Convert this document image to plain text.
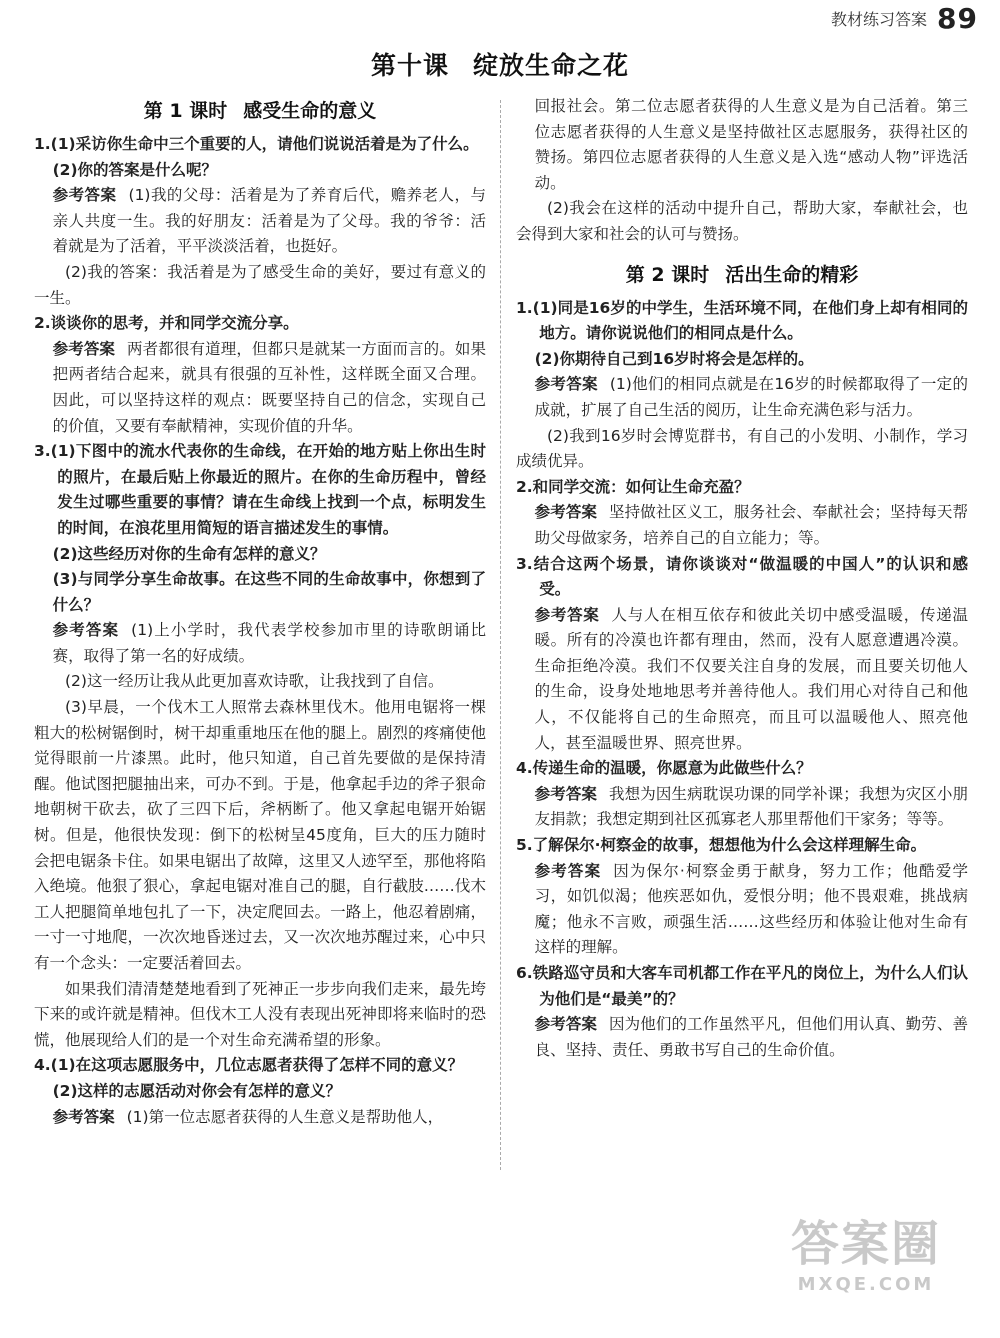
教材练习答案 89
第十课 绽放生命之花
第 1 课时 感受生命的意义

1.(1)采访你生命中三个重要的人，请他们说说活着是为了什么。

(2)你的答案是什么呢？

参考答案 (1)我的父母：活着是为了养育后代，赡养老人，与亲人共度一生。我的好朋友：活着是为了父母。我的爷爷：活着就是为了活着，平平淡淡活着，也挺好。

(2)我的答案：我活着是为了感受生命的美好，要过有意义的一生。

2.谈谈你的思考，并和同学交流分享。

参考答案 两者都很有道理，但都只是就某一方面而言的。如果把两者结合起来，就具有很强的互补性，这样既全面又合理。因此，可以坚持这样的观点：既要坚持自己的信念，实现自己的价值，又要有奉献精神，实现价值的升华。

3.(1)下图中的流水代表你的生命线，在开始的地方贴上你出生时的照片，在最后贴上你最近的照片。在你的生命历程中，曾经发生过哪些重要的事情？请在生命线上找到一个点，标明发生的时间，在浪花里用简短的语言描述发生的事情。

(2)这些经历对你的生命有怎样的意义？

(3)与同学分享生命故事。在这些不同的生命故事中，你想到了什么？

参考答案 (1)上小学时，我代表学校参加市里的诗歌朗诵比赛，取得了第一名的好成绩。

(2)这一经历让我从此更加喜欢诗歌，让我找到了自信。

(3)早晨，一个伐木工人照常去森林里伐木。他用电锯将一棵粗大的松树锯倒时，树干却重重地压在他的腿上。剧烈的疼痛使他觉得眼前一片漆黑。此时，他只知道，自己首先要做的是保持清醒。他试图把腿抽出来，可办不到。于是，他拿起手边的斧子狠命地朝树干砍去，砍了三四下后，斧柄断了。他又拿起电锯开始锯树。但是，他很快发现：倒下的松树呈45度角，巨大的压力随时会把电锯条卡住。如果电锯出了故障，这里又人迹罕至，那他将陷入绝境。他狠了狠心，拿起电锯对准自己的腿，自行截肢……伐木工人把腿简单地包扎了一下，决定爬回去。一路上，他忍着剧痛，一寸一寸地爬，一次次地昏迷过去，又一次次地苏醒过来，心中只有一个念头：一定要活着回去。

如果我们清清楚楚地看到了死神正一步步向我们走来，最先垮下来的或许就是精神。但伐木工人没有表现出死神即将来临时的恐慌，他展现给人们的是一个对生命充满希望的形象。

4.(1)在这项志愿服务中，几位志愿者获得了怎样不同的意义？

(2)这样的志愿活动对你会有怎样的意义？

参考答案 (1)第一位志愿者获得的人生意义是帮助他人，

回报社会。第二位志愿者获得的人生意义是为自己活着。第三位志愿者获得的人生意义是坚持做社区志愿服务，获得社区的赞扬。第四位志愿者获得的人生意义是入选“感动人物”评选活动。

(2)我会在这样的活动中提升自己，帮助大家，奉献社会，也会得到大家和社会的认可与赞扬。

第 2 课时 活出生命的精彩

1.(1)同是16岁的中学生，生活环境不同，在他们身上却有相同的地方。请你说说他们的相同点是什么。

(2)你期待自己到16岁时将会是怎样的。

参考答案 (1)他们的相同点就是在16岁的时候都取得了一定的成就，扩展了自己生活的阅历，让生命充满色彩与活力。

(2)我到16岁时会博览群书，有自己的小发明、小制作，学习成绩优异。

2.和同学交流：如何让生命充盈？

参考答案 坚持做社区义工，服务社会、奉献社会；坚持每天帮助父母做家务，培养自己的自立能力；等。

3.结合这两个场景，请你谈谈对“做温暖的中国人”的认识和感受。

参考答案 人与人在相互依存和彼此关切中感受温暖，传递温暖。所有的冷漠也许都有理由，然而，没有人愿意遭遇冷漠。生命拒绝冷漠。我们不仅要关注自身的发展，而且要关切他人的生命，设身处地地思考并善待他人。我们用心对待自己和他人，不仅能将自己的生命照亮，而且可以温暖他人、照亮他人，甚至温暖世界、照亮世界。

4.传递生命的温暖，你愿意为此做些什么？

参考答案 我想为因生病耽误功课的同学补课；我想为灾区小朋友捐款；我想定期到社区孤寡老人那里帮他们干家务；等等。

5.了解保尔·柯察金的故事，想想他为什么会这样理解生命。

参考答案 因为保尔·柯察金勇于献身，努力工作；他酷爱学习，如饥似渴；他疾恶如仇，爱恨分明；他不畏艰难，挑战病魔；他永不言败，顽强生活……这些经历和体验让他对生命有这样的理解。

6.铁路巡守员和大客车司机都工作在平凡的岗位上，为什么人们认为他们是“最美”的？

参考答案 因为他们的工作虽然平凡，但他们用认真、勤劳、善良、坚持、责任、勇敢书写自己的生命价值。

答案圈
MXQE.COM
